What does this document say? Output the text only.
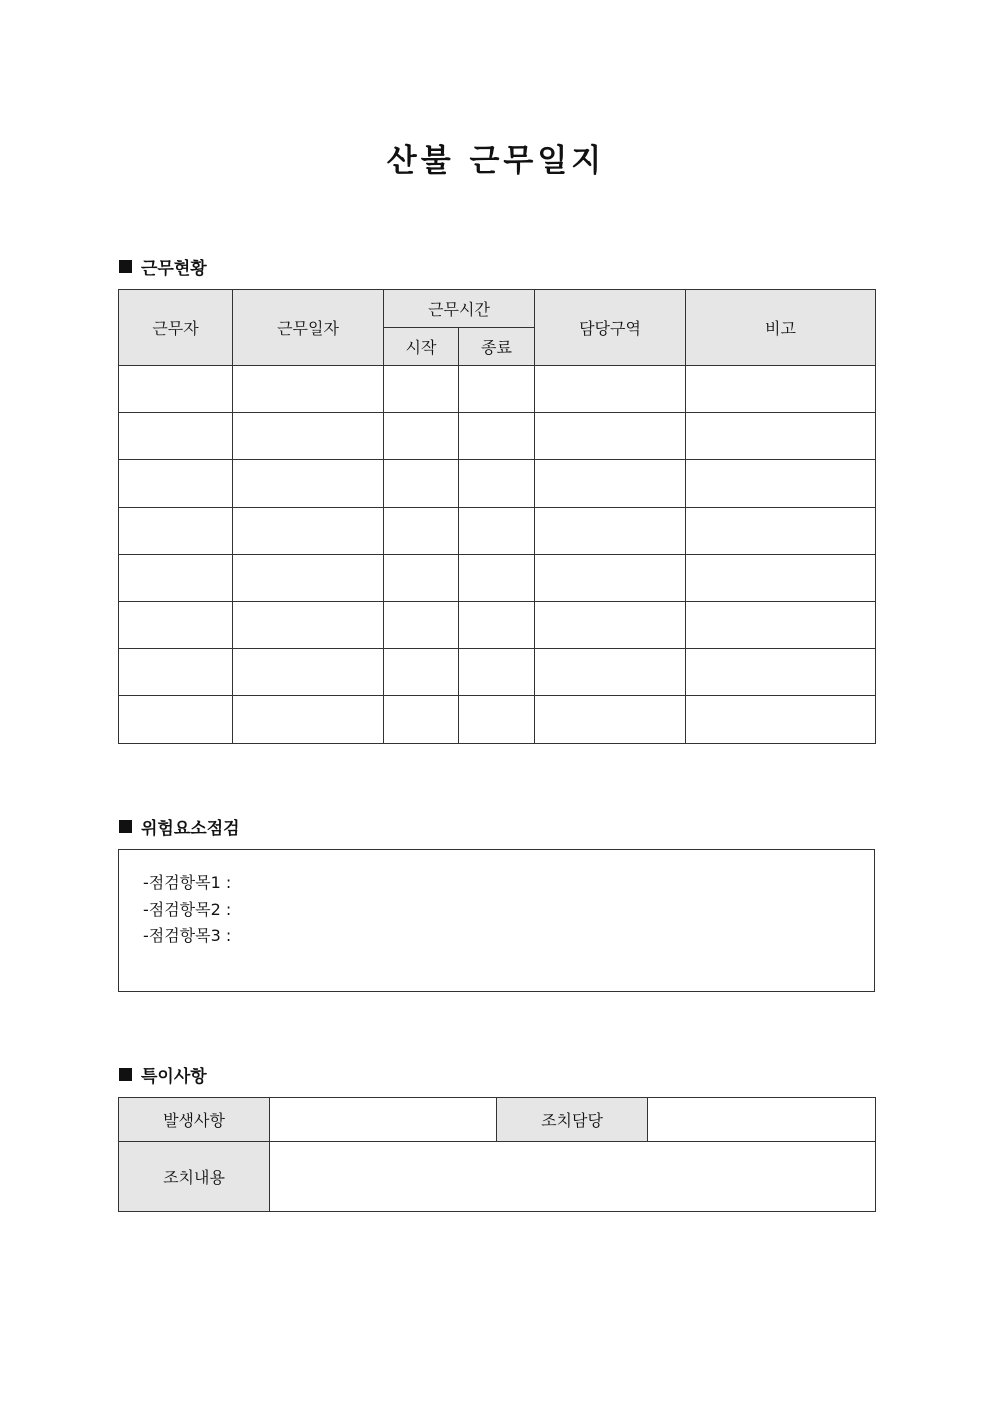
산불 근무일지
근무현황
근무자	근무일자	근무시간		담당구역	비고
		시작	종료		

위험요소점검
-점검항목1 :
-점검항목2 :
-점검항목3 :
특이사항
발생사항		조치담당	
조치내용			
